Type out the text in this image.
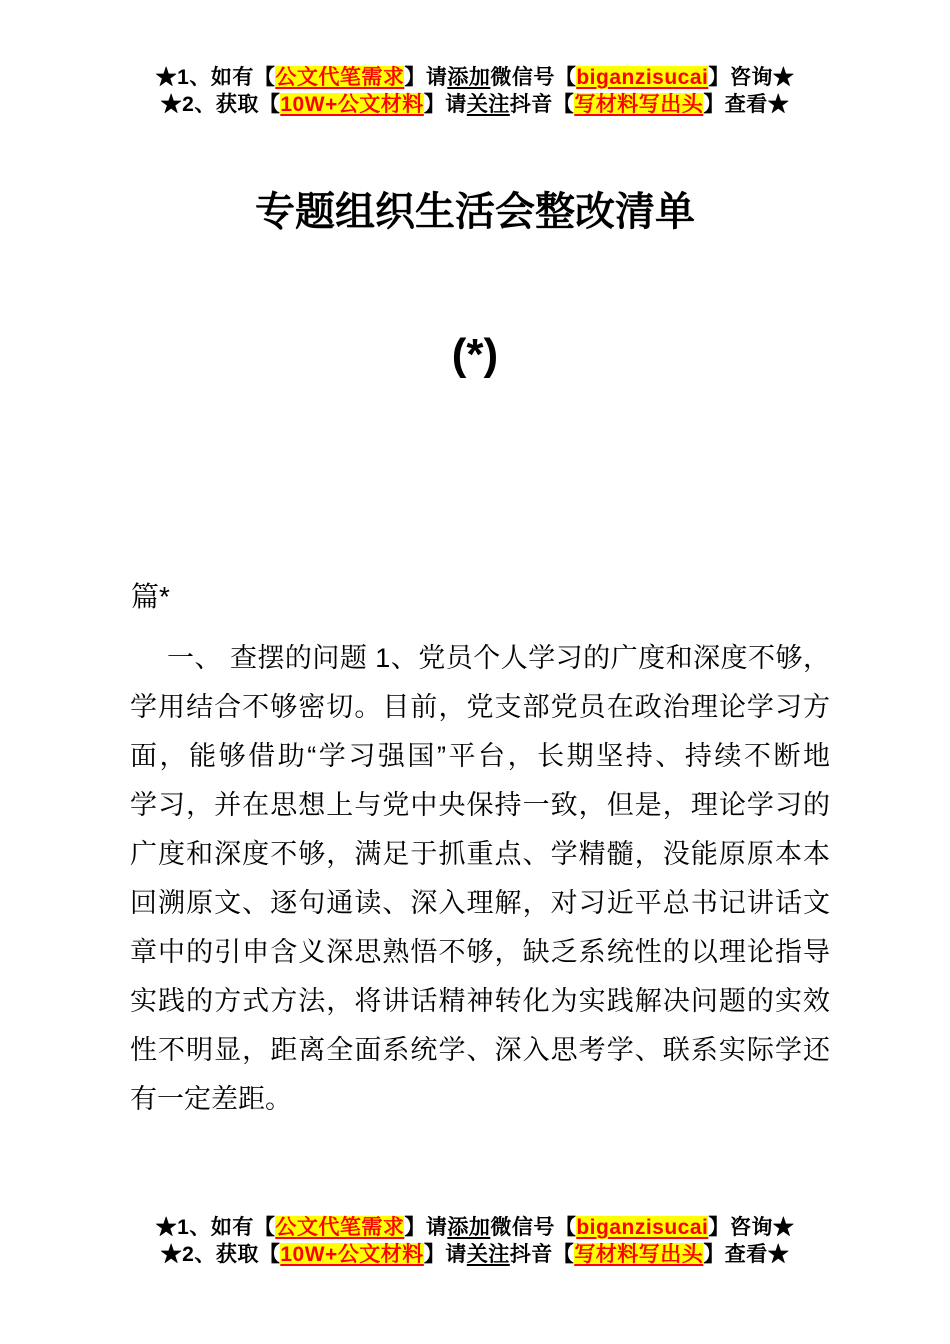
★1、如有【公文代笔需求】请添加微信号【biganzisucai】咨询★
★2、获取【10W+公文材料】请关注抖音【写材料写出头】查看★
专题组织生活会整改清单
(*)
篇*
一、 查摆的问题 1、党员个人学习的广度和深度不够，
学用结合不够密切。目前，党支部党员在政治理论学习方
面，能够借助“学习强国”平台，长期坚持、持续不断地
学习，并在思想上与党中央保持一致，但是，理论学习的
广度和深度不够，满足于抓重点、学精髓，没能原原本本
回溯原文、逐句通读、深入理解，对习近平总书记讲话文
章中的引申含义深思熟悟不够，缺乏系统性的以理论指导
实践的方式方法，将讲话精神转化为实践解决问题的实效
性不明显，距离全面系统学、深入思考学、联系实际学还
有一定差距。
★1、如有【公文代笔需求】请添加微信号【biganzisucai】咨询★
★2、获取【10W+公文材料】请关注抖音【写材料写出头】查看★
